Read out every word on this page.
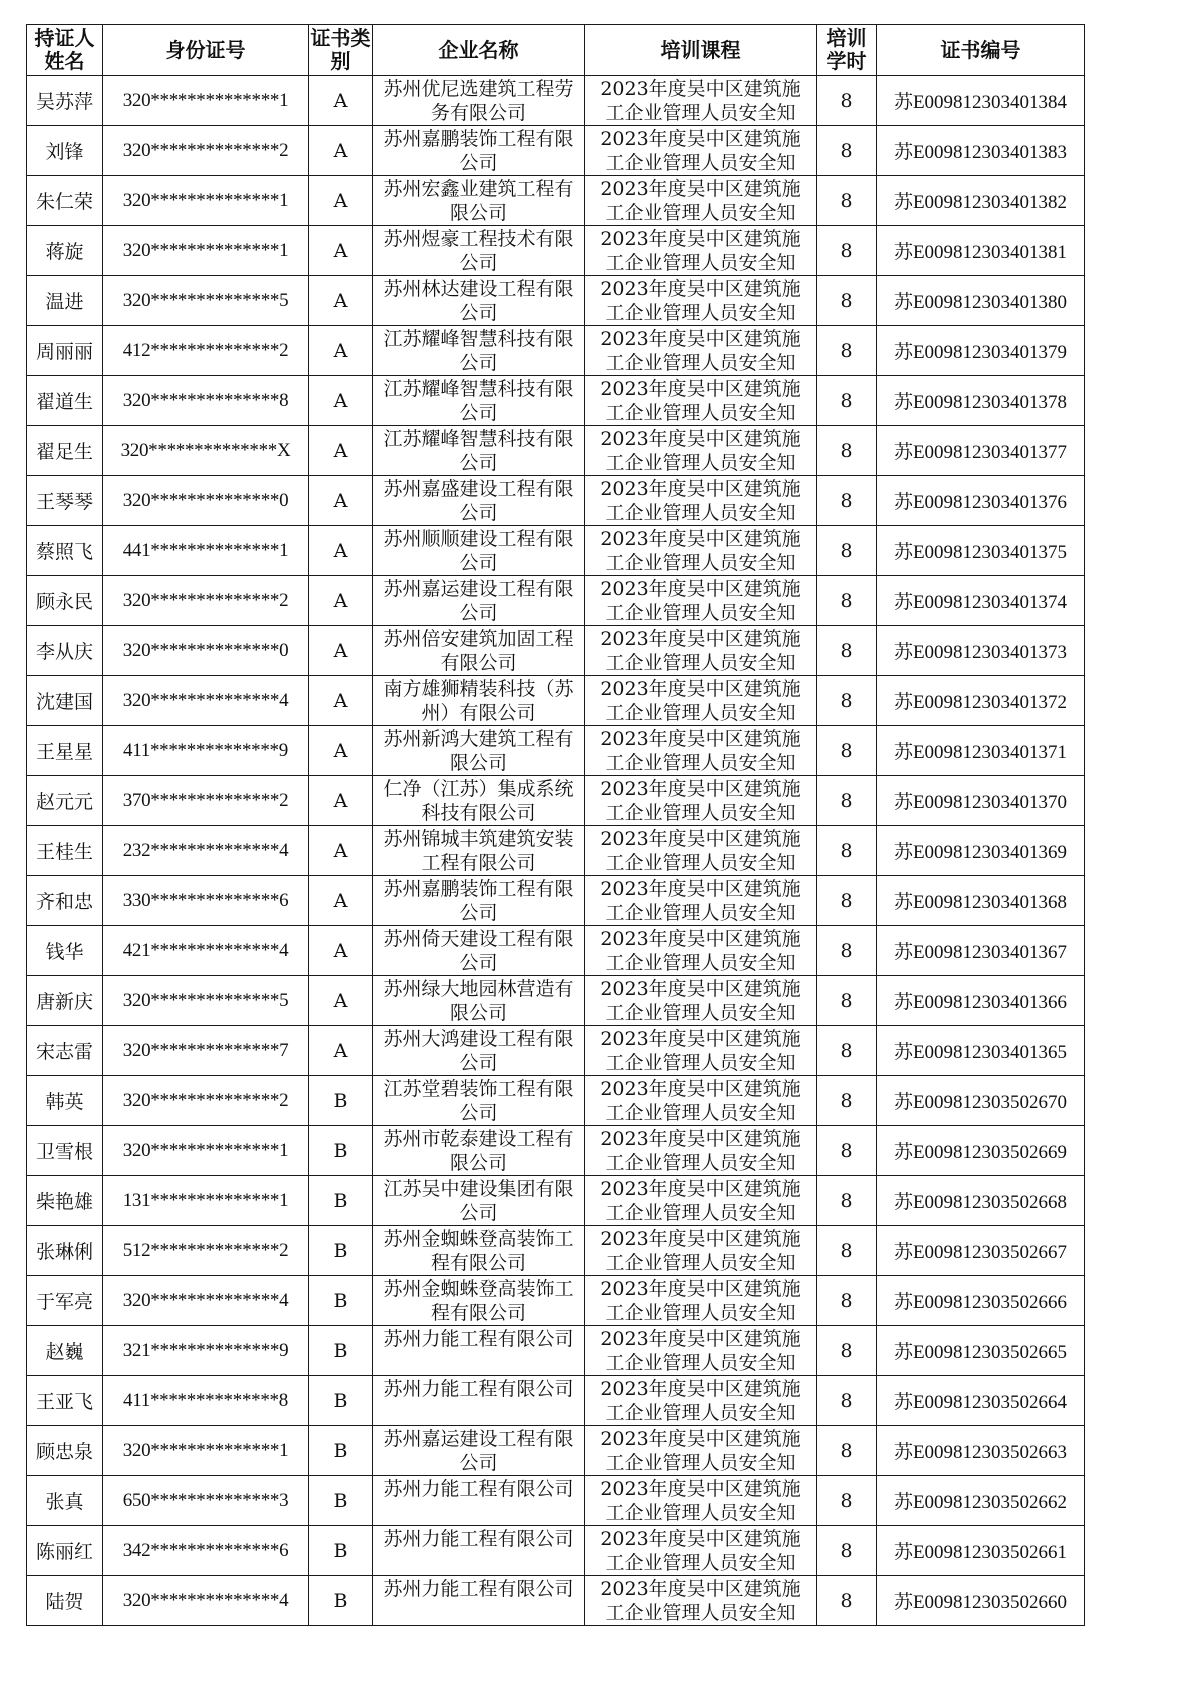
持证人姓名	身份证号	证书类别	企业名称	培训课程	培训学时	证书编号
吴苏萍	320**************1	A	苏州优尼选建筑工程劳务有限公司	2023年度吴中区建筑施工企业管理人员安全知	8	苏E009812303401384
刘锋	320**************2	A	苏州嘉鹏装饰工程有限公司	2023年度吴中区建筑施工企业管理人员安全知	8	苏E009812303401383
朱仁荣	320**************1	A	苏州宏鑫业建筑工程有限公司	2023年度吴中区建筑施工企业管理人员安全知	8	苏E009812303401382
蒋旋	320**************1	A	苏州煜豪工程技术有限公司	2023年度吴中区建筑施工企业管理人员安全知	8	苏E009812303401381
温进	320**************5	A	苏州林达建设工程有限公司	2023年度吴中区建筑施工企业管理人员安全知	8	苏E009812303401380
周丽丽	412**************2	A	江苏耀峰智慧科技有限公司	2023年度吴中区建筑施工企业管理人员安全知	8	苏E009812303401379
翟道生	320**************8	A	江苏耀峰智慧科技有限公司	2023年度吴中区建筑施工企业管理人员安全知	8	苏E009812303401378
翟足生	320**************X	A	江苏耀峰智慧科技有限公司	2023年度吴中区建筑施工企业管理人员安全知	8	苏E009812303401377
王琴琴	320**************0	A	苏州嘉盛建设工程有限公司	2023年度吴中区建筑施工企业管理人员安全知	8	苏E009812303401376
蔡照飞	441**************1	A	苏州顺顺建设工程有限公司	2023年度吴中区建筑施工企业管理人员安全知	8	苏E009812303401375
顾永民	320**************2	A	苏州嘉运建设工程有限公司	2023年度吴中区建筑施工企业管理人员安全知	8	苏E009812303401374
李从庆	320**************0	A	苏州倍安建筑加固工程有限公司	2023年度吴中区建筑施工企业管理人员安全知	8	苏E009812303401373
沈建国	320**************4	A	南方雄狮精装科技（苏州）有限公司	2023年度吴中区建筑施工企业管理人员安全知	8	苏E009812303401372
王星星	411**************9	A	苏州新鸿大建筑工程有限公司	2023年度吴中区建筑施工企业管理人员安全知	8	苏E009812303401371
赵元元	370**************2	A	仁净（江苏）集成系统科技有限公司	2023年度吴中区建筑施工企业管理人员安全知	8	苏E009812303401370
王桂生	232**************4	A	苏州锦城丰筑建筑安装工程有限公司	2023年度吴中区建筑施工企业管理人员安全知	8	苏E009812303401369
齐和忠	330**************6	A	苏州嘉鹏装饰工程有限公司	2023年度吴中区建筑施工企业管理人员安全知	8	苏E009812303401368
钱华	421**************4	A	苏州倚天建设工程有限公司	2023年度吴中区建筑施工企业管理人员安全知	8	苏E009812303401367
唐新庆	320**************5	A	苏州绿大地园林营造有限公司	2023年度吴中区建筑施工企业管理人员安全知	8	苏E009812303401366
宋志雷	320**************7	A	苏州大鸿建设工程有限公司	2023年度吴中区建筑施工企业管理人员安全知	8	苏E009812303401365
韩英	320**************2	B	江苏堂碧装饰工程有限公司	2023年度吴中区建筑施工企业管理人员安全知	8	苏E009812303502670
卫雪根	320**************1	B	苏州市乾泰建设工程有限公司	2023年度吴中区建筑施工企业管理人员安全知	8	苏E009812303502669
柴艳雄	131**************1	B	江苏吴中建设集团有限公司	2023年度吴中区建筑施工企业管理人员安全知	8	苏E009812303502668
张琳俐	512**************2	B	苏州金蜘蛛登高装饰工程有限公司	2023年度吴中区建筑施工企业管理人员安全知	8	苏E009812303502667
于军亮	320**************4	B	苏州金蜘蛛登高装饰工程有限公司	2023年度吴中区建筑施工企业管理人员安全知	8	苏E009812303502666
赵巍	321**************9	B	苏州力能工程有限公司	2023年度吴中区建筑施工企业管理人员安全知	8	苏E009812303502665
王亚飞	411**************8	B	苏州力能工程有限公司	2023年度吴中区建筑施工企业管理人员安全知	8	苏E009812303502664
顾忠泉	320**************1	B	苏州嘉运建设工程有限公司	2023年度吴中区建筑施工企业管理人员安全知	8	苏E009812303502663
张真	650**************3	B	苏州力能工程有限公司	2023年度吴中区建筑施工企业管理人员安全知	8	苏E009812303502662
陈丽红	342**************6	B	苏州力能工程有限公司	2023年度吴中区建筑施工企业管理人员安全知	8	苏E009812303502661
陆贺	320**************4	B	苏州力能工程有限公司	2023年度吴中区建筑施工企业管理人员安全知	8	苏E009812303502660
